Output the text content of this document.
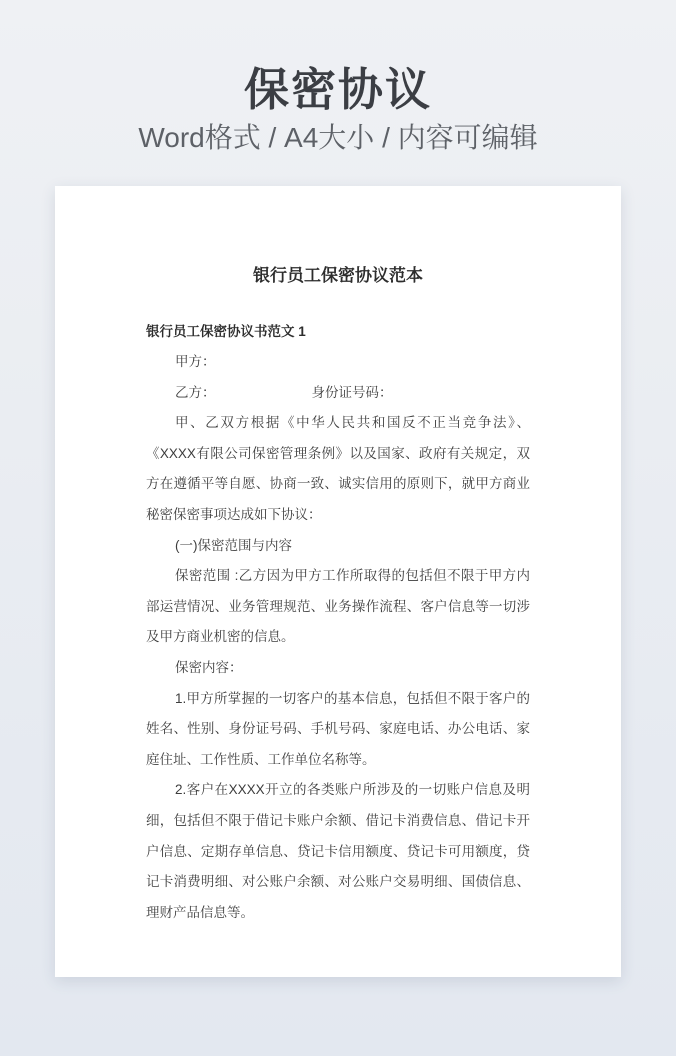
保密协议
Word格式 / A4大小 / 内容可编辑
银行员工保密协议范本
银行员工保密协议书范文 1

甲方：

乙方：	身份证号码：

甲、乙双方根据《中华人民共和国反不正当竞争法》、《XXXX有限公司保密管理条例》以及国家、政府有关规定，双方在遵循平等自愿、协商一致、诚实信用的原则下，就甲方商业秘密保密事项达成如下协议：

(一)保密范围与内容

保密范围 :乙方因为甲方工作所取得的包括但不限于甲方内部运营情况、业务管理规范、业务操作流程、客户信息等一切涉及甲方商业机密的信息。

保密内容：

1.甲方所掌握的一切客户的基本信息，包括但不限于客户的姓名、性别、身份证号码、手机号码、家庭电话、办公电话、家庭住址、工作性质、工作单位名称等。

2.客户在XXXX开立的各类账户所涉及的一切账户信息及明细，包括但不限于借记卡账户余额、借记卡消费信息、借记卡开户信息、定期存单信息、贷记卡信用额度、贷记卡可用额度，贷记卡消费明细、对公账户余额、对公账户交易明细、国债信息、理财产品信息等。
